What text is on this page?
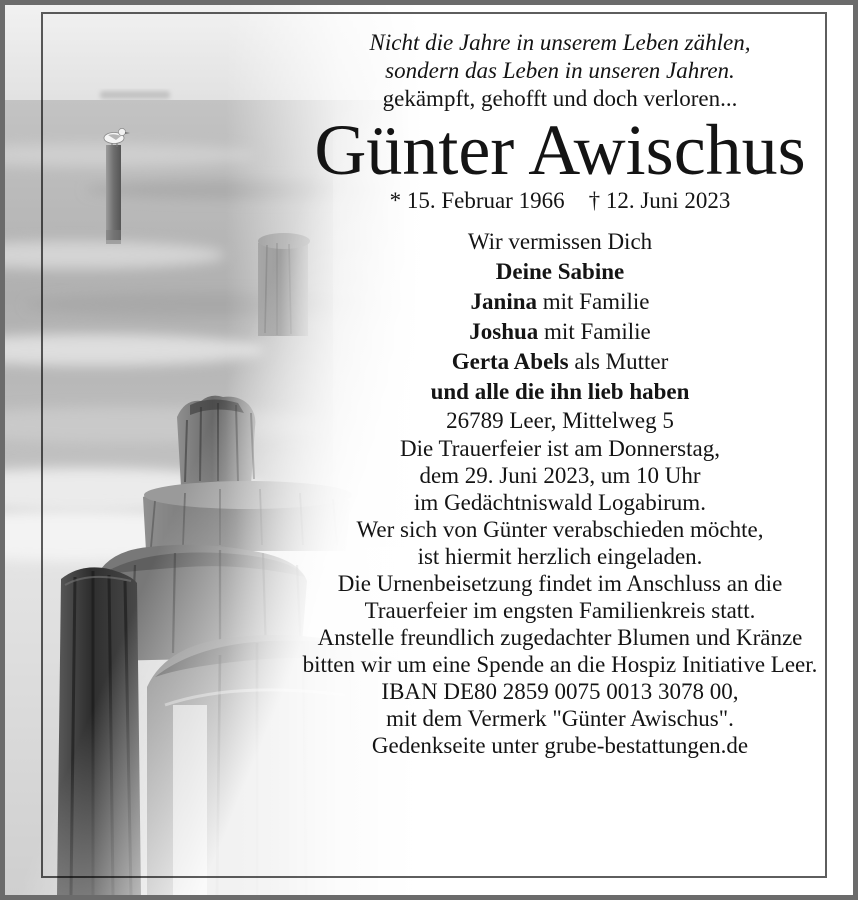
Nicht die Jahre in unserem Leben zählen,
sondern das Leben in unseren Jahren.

gekämpft, gehofft und doch verloren...

Günter Awischus

* 15. Februar 1966 † 12. Juni 2023

Wir vermissen Dich
Deine Sabine
Janina mit Familie
Joshua mit Familie
Gerta Abels als Mutter
und alle die ihn lieb haben

26789 Leer, Mittelweg 5

Die Trauerfeier ist am Donnerstag,
dem 29. Juni 2023, um 10 Uhr
im Gedächtniswald Logabirum.
Wer sich von Günter verabschieden möchte,
ist hiermit herzlich eingeladen.

Die Urnenbeisetzung findet im Anschluss an die
Trauerfeier im engsten Familienkreis statt.

Anstelle freundlich zugedachter Blumen und Kränze
bitten wir um eine Spende an die Hospiz Initiative Leer.
IBAN DE80 2859 0075 0013 3078 00,
mit dem Vermerk "Günter Awischus".

Gedenkseite unter grube-bestattungen.de
